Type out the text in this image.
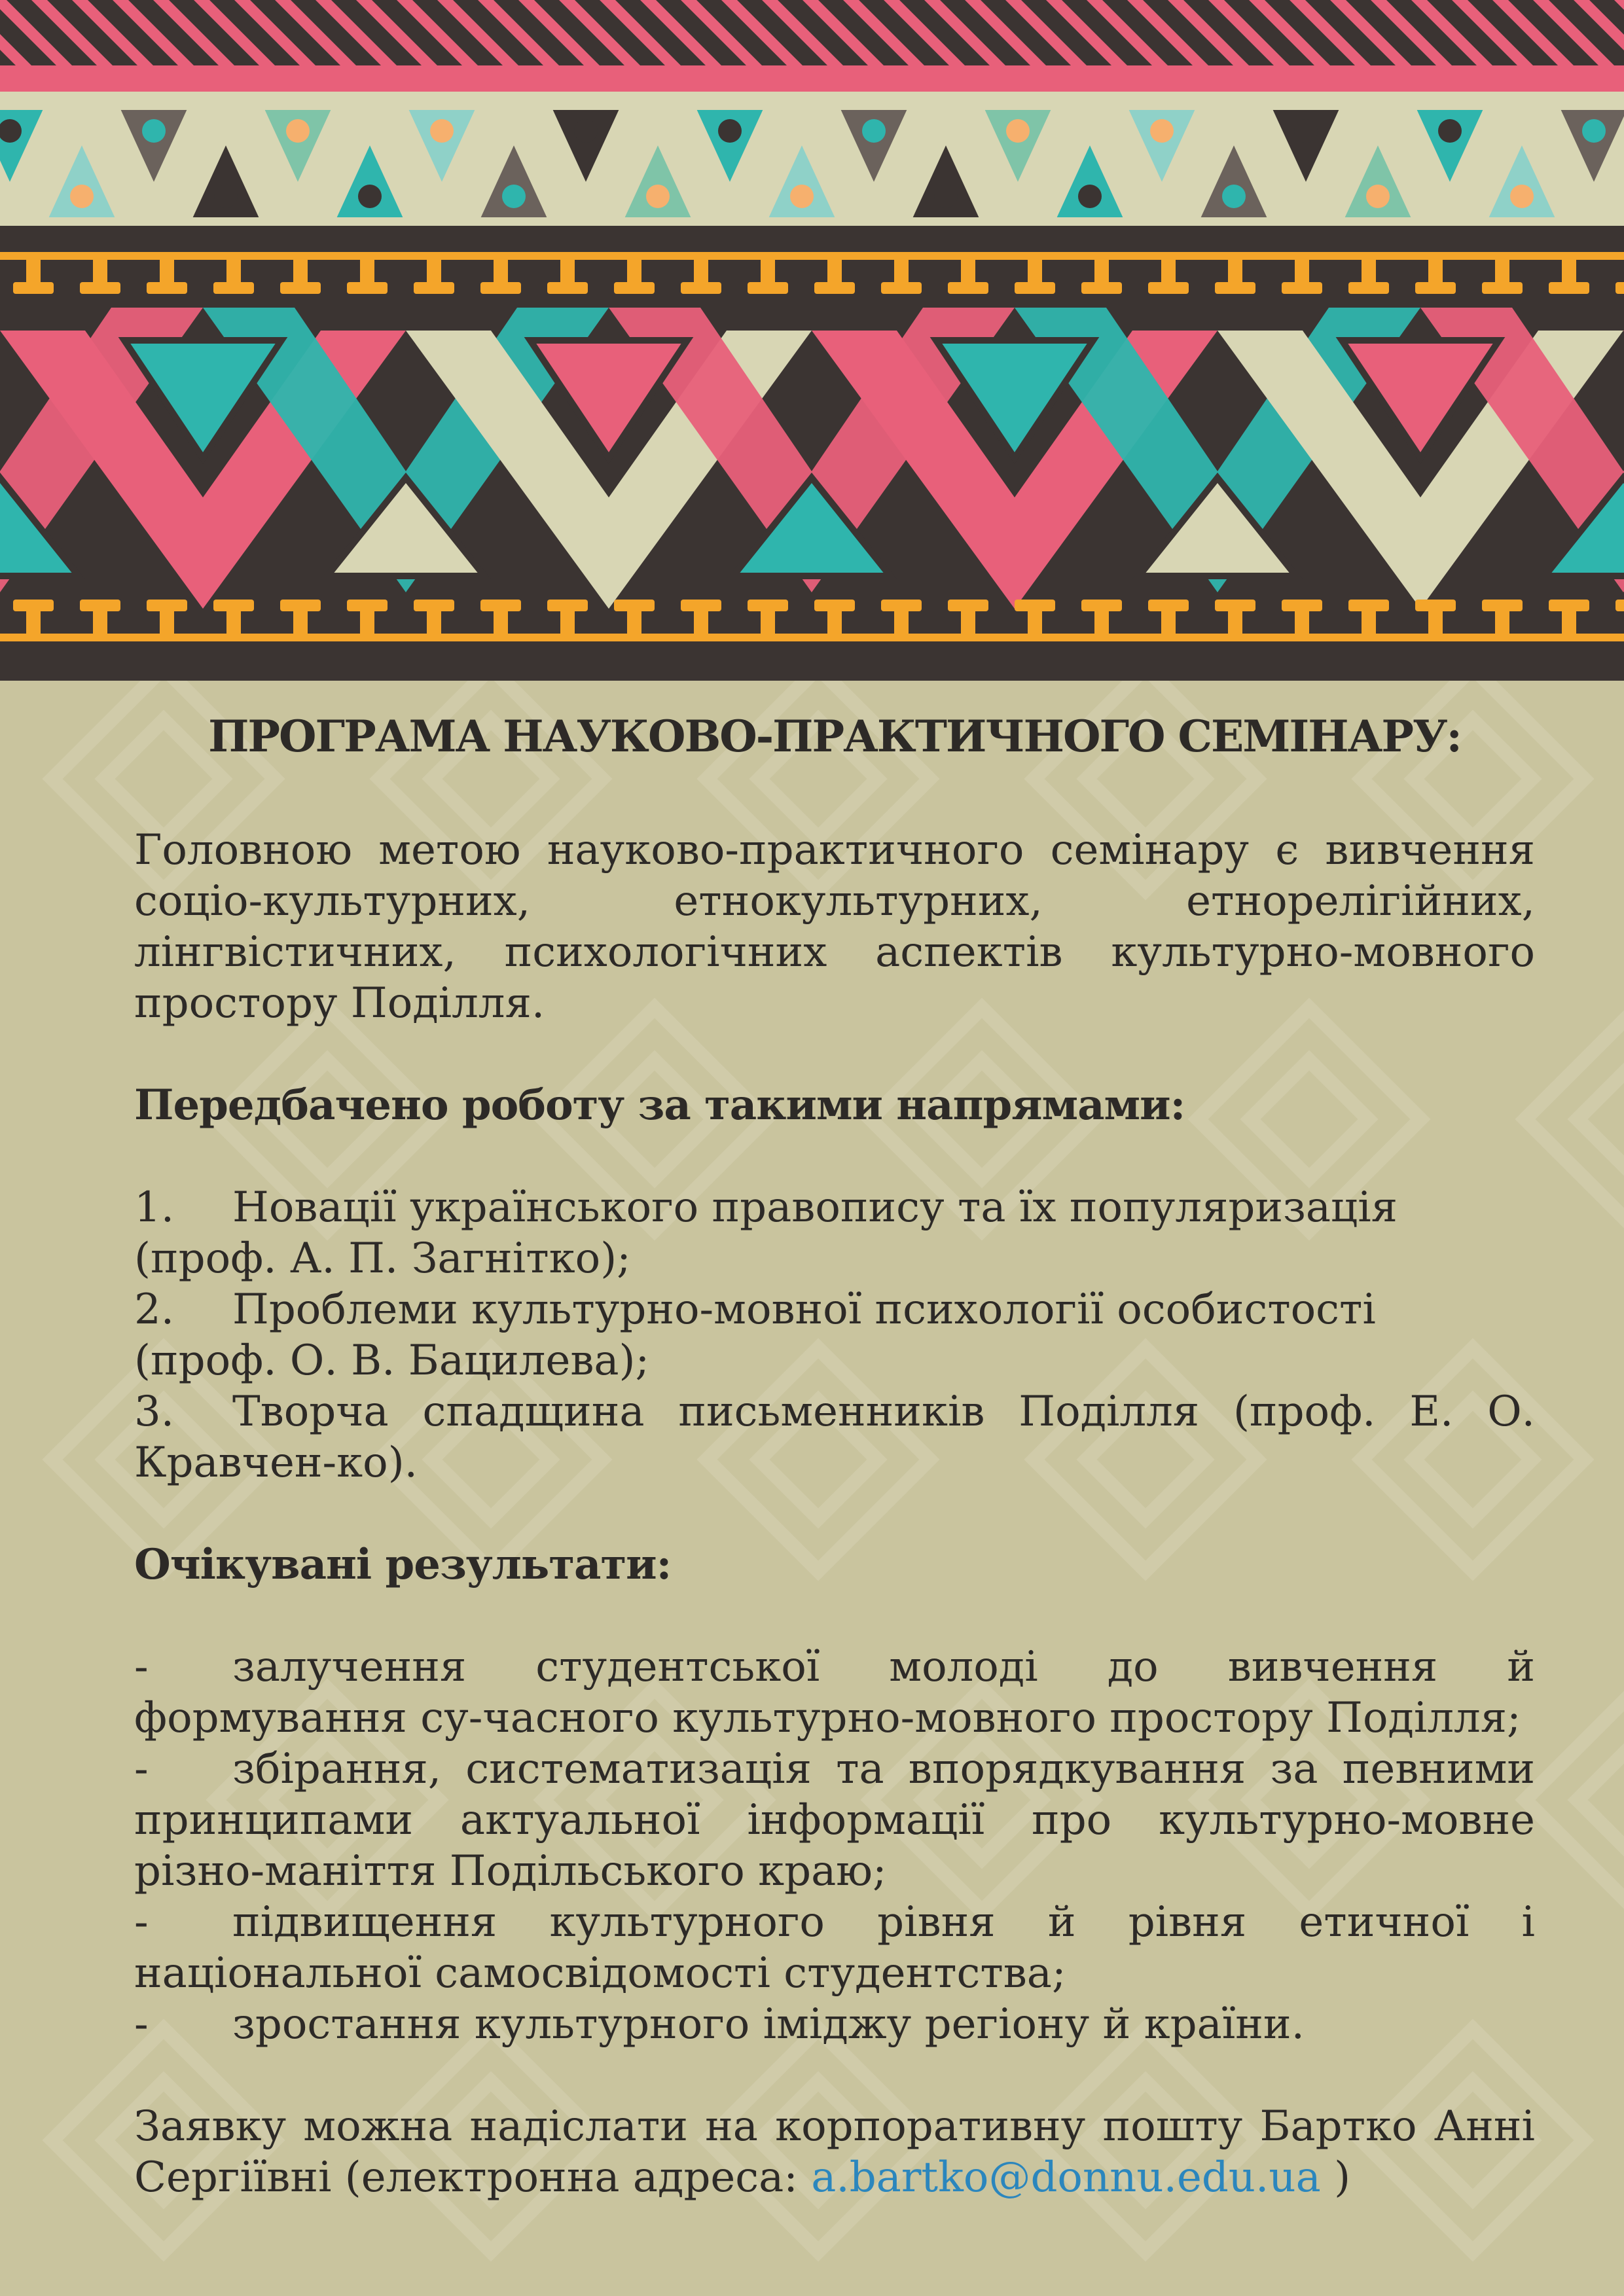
ПРОГРАМА НАУКОВО-ПРАКТИЧНОГО СЕМІНАРУ:

Головною метою науково-практичного семінару є вивчення соціо-культурних, етнокультурних, етнорелігійних, лінгвістичних, психологічних аспектів культурно-мовного простору Поділля.

Передбачено роботу за такими напрямами:

1. Новації українського правопису та їх популяризація
(проф. А. П. Загнітко);

2. Проблеми культурно-мовної психології особистості
(проф. О. В. Бацилева);

3. Творча спадщина письменників Поділля (проф. Е. О. Кравчен-ко).

Очікувані результати:

- залучення студентської молоді до вивчення й формування су-часного культурно-мовного простору Поділля;

- збірання, систематизація та впорядкування за певними принципами актуальної інформації про культурно-мовне різно-маніття Подільського краю;

- підвищення культурного рівня й рівня етичної і національної самосвідомості студентства;

- зростання культурного іміджу регіону й країни.

Заявку можна надіслати на корпоративну пошту Бартко Анні Сергіївні (електронна адреса: a.bartko@donnu.edu.ua )
